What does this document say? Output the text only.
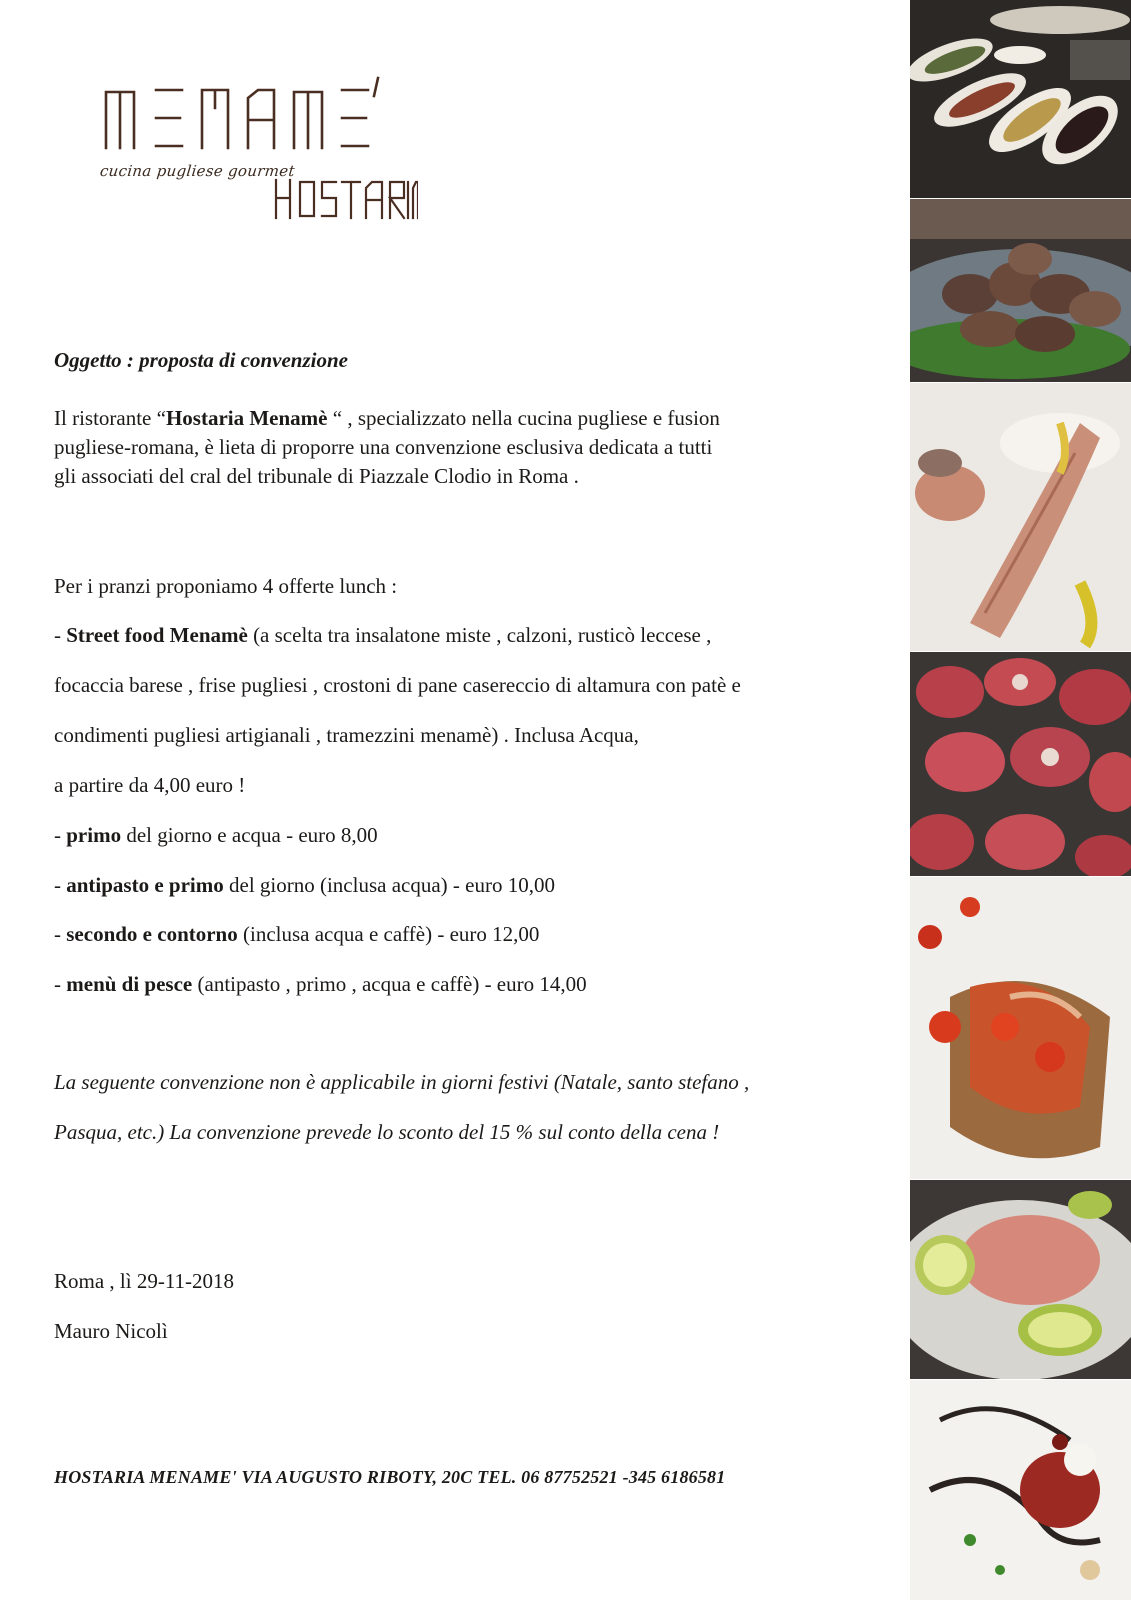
cucina pugliese gourmet
Oggetto : proposta di convenzione
Il ristorante “Hostaria Menamè “ , specializzato nella cucina pugliese e fusion
pugliese-romana, è lieta di proporre una convenzione esclusiva dedicata a tutti
gli associati del cral del tribunale di Piazzale Clodio in Roma .
Per i pranzi proponiamo 4 offerte lunch :
- Street food Menamè (a scelta tra insalatone miste , calzoni, rusticò leccese ,
focaccia barese , frise pugliesi , crostoni di pane casereccio di altamura con patè e
condimenti pugliesi artigianali , tramezzini menamè) . Inclusa Acqua,
a partire da 4,00 euro !
- primo del giorno e acqua - euro 8,00
- antipasto e primo del giorno (inclusa acqua) - euro 10,00
- secondo e contorno (inclusa acqua e caffè) - euro 12,00
- menù di pesce (antipasto , primo , acqua e caffè) - euro 14,00
La seguente convenzione non è applicabile in giorni festivi (Natale, santo stefano ,
Pasqua, etc.) La convenzione prevede lo sconto del 15 % sul conto della cena !
Roma , lì 29-11-2018
Mauro Nicolì
HOSTARIA MENAME' VIA AUGUSTO RIBOTY, 20C TEL. 06 87752521 -345 6186581
